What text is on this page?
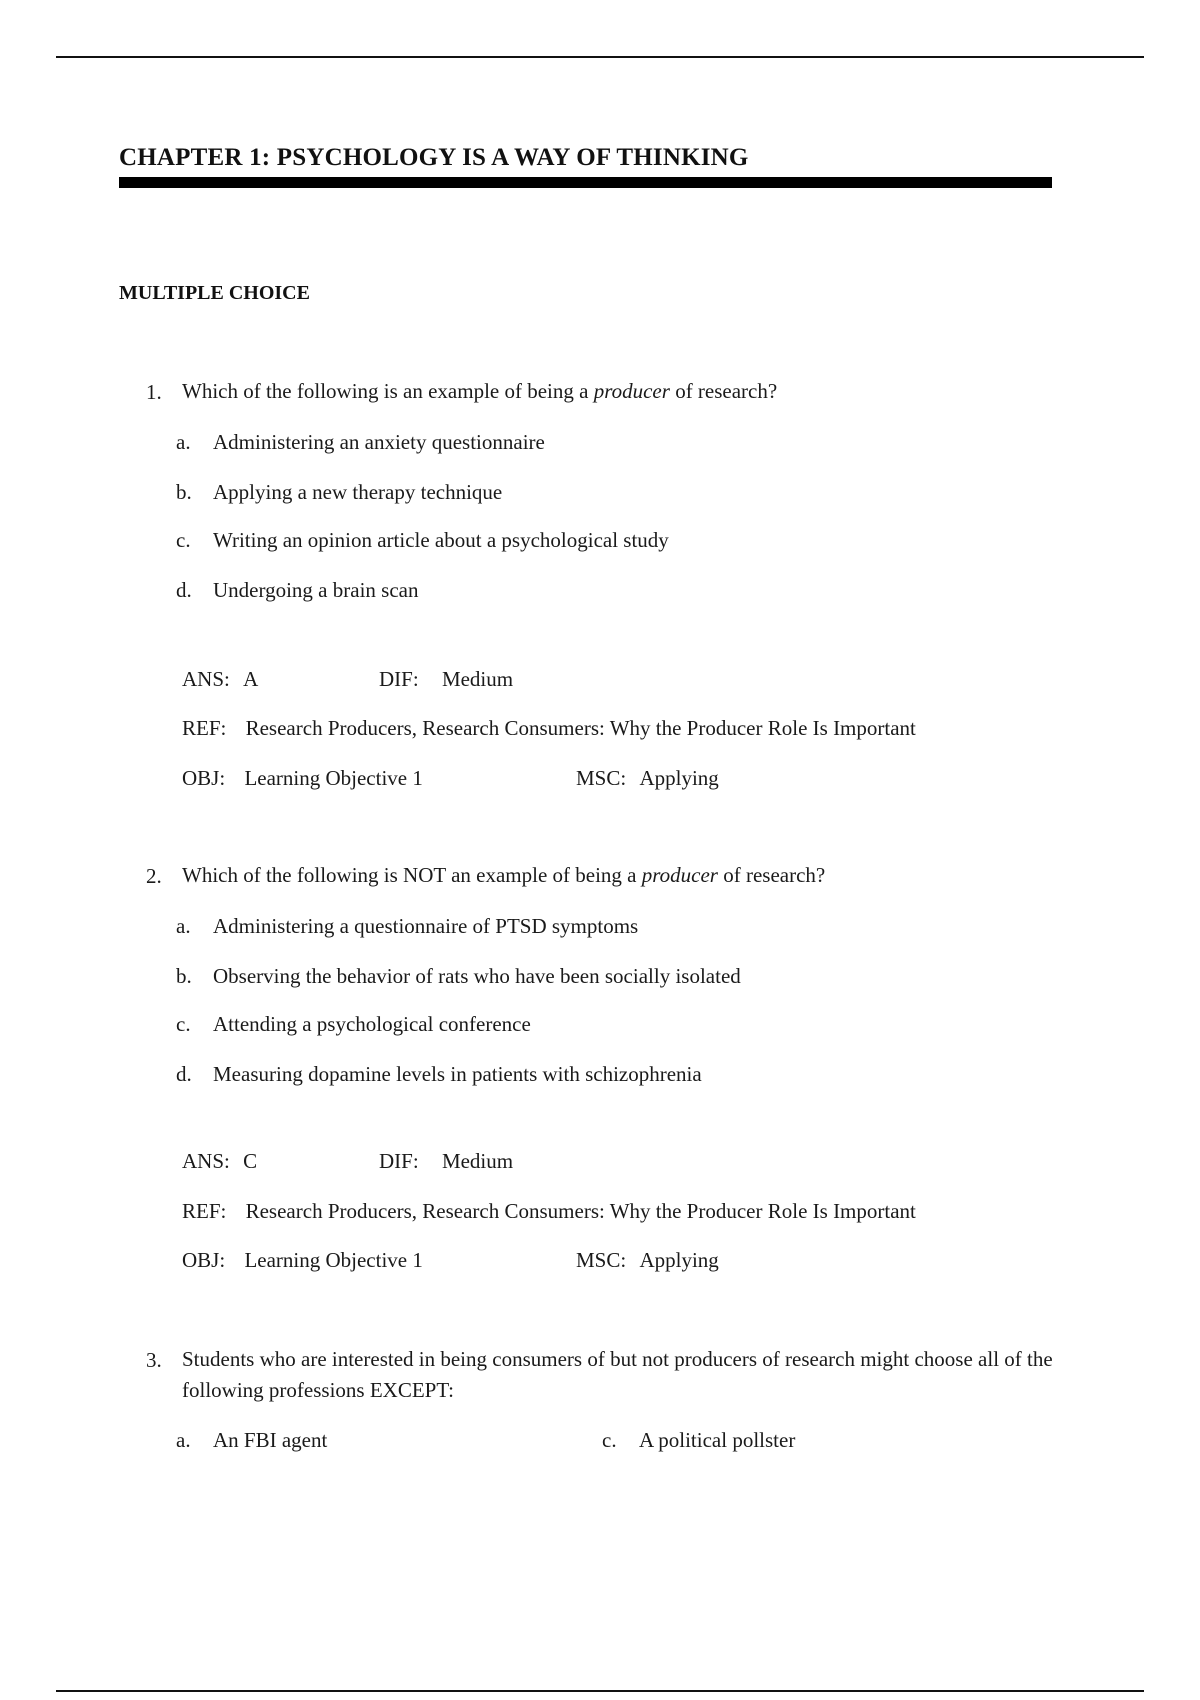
CHAPTER 1: PSYCHOLOGY IS A WAY OF THINKING
MULTIPLE CHOICE
1. Which of the following is an example of being a producer of research?
a. Administering an anxiety questionnaire
b. Applying a new therapy technique
c. Writing an opinion article about a psychological study
d. Undergoing a brain scan
ANS: A	DIF: Medium
REF: Research Producers, Research Consumers: Why the Producer Role Is Important
OBJ: Learning Objective 1	MSC: Applying
2. Which of the following is NOT an example of being a producer of research?
a. Administering a questionnaire of PTSD symptoms
b. Observing the behavior of rats who have been socially isolated
c. Attending a psychological conference
d. Measuring dopamine levels in patients with schizophrenia
ANS: C	DIF: Medium
REF: Research Producers, Research Consumers: Why the Producer Role Is Important
OBJ: Learning Objective 1	MSC: Applying
3. Students who are interested in being consumers of but not producers of research might choose all of the following professions EXCEPT:
a. An FBI agent	c. A political pollster
